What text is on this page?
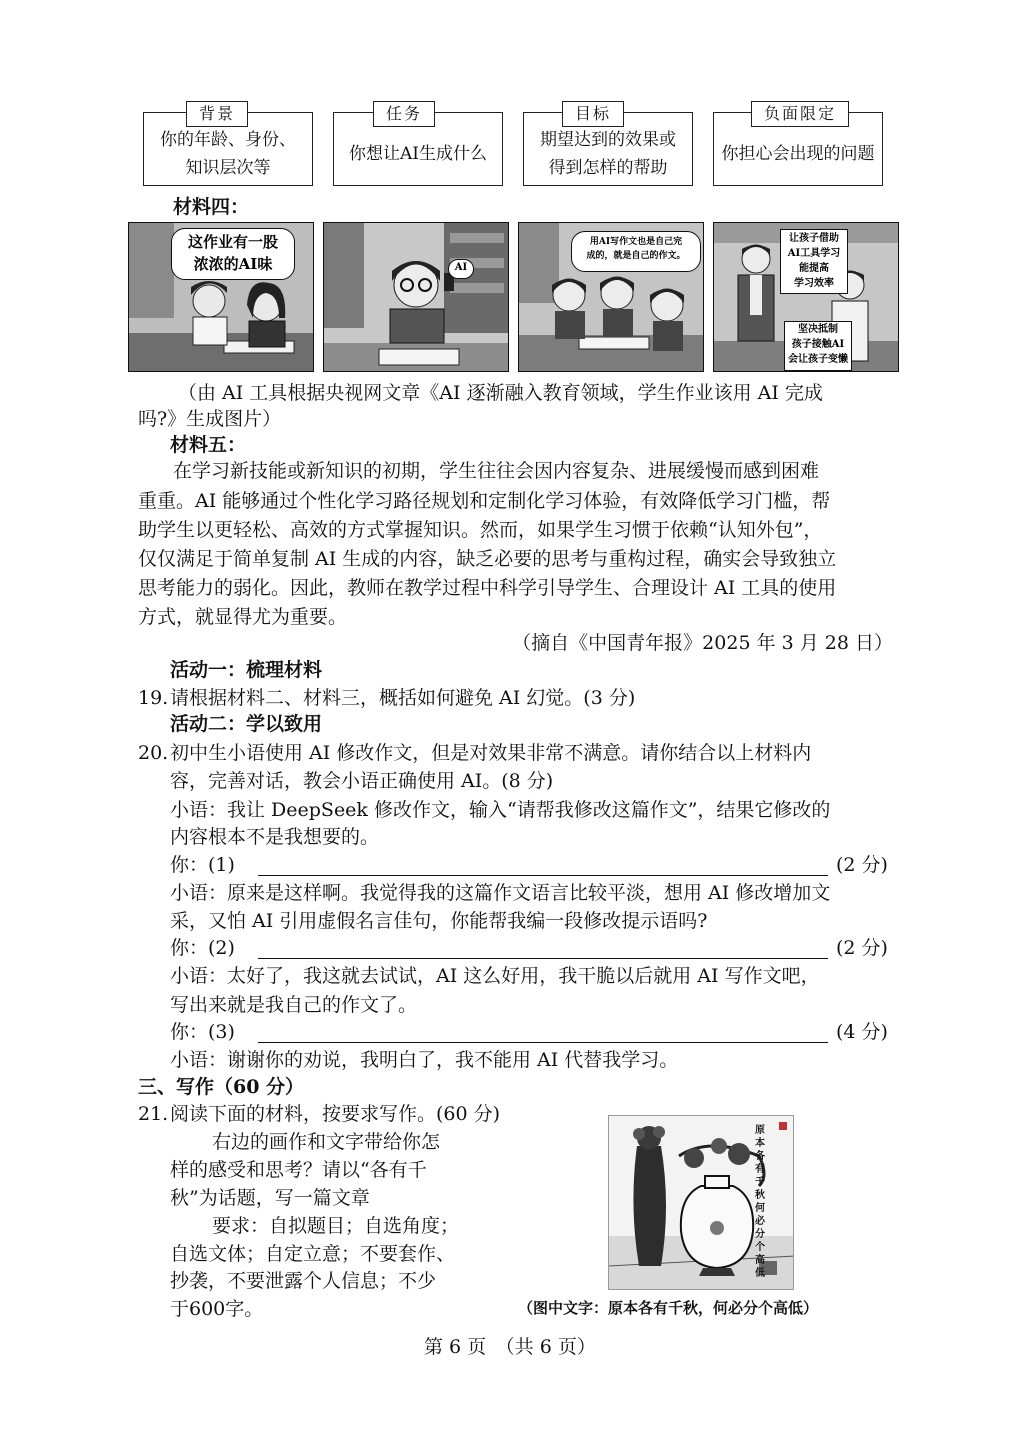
你的年龄、身份、
知识层次等
背景
你想让AI生成什么
任务
期望达到的效果或
得到怎样的帮助
目标
你担心会出现的问题
负面限定
材料四：
这作业有一股
浓浓的AI味	AI
用AI写作文也是自己完
成的，就是自己的作文。
让孩子借助
AI工具学习
能提高
学习效率
坚决抵制
孩子接触AI
会让孩子变懒
（由 AI 工具根据央视网文章《AI 逐渐融入教育领域，学生作业该用 AI 完成
吗?》生成图片）
材料五：
在学习新技能或新知识的初期，学生往往会因内容复杂、进展缓慢而感到困难
重重。AI 能够通过个性化学习路径规划和定制化学习体验，有效降低学习门槛，帮
助学生以更轻松、高效的方式掌握知识。然而，如果学生习惯于依赖“认知外包”，
仅仅满足于简单复制 AI 生成的内容，缺乏必要的思考与重构过程，确实会导致独立
思考能力的弱化。因此，教师在教学过程中科学引导学生、合理设计 AI 工具的使用
方式，就显得尤为重要。
（摘自《中国青年报》2025 年 3 月 28 日）
活动一：梳理材料
19. 请根据材料二、材料三，概括如何避免 AI 幻觉。(3 分)
活动二：学以致用
20. 初中生小语使用 AI 修改作文，但是对效果非常不满意。请你结合以上材料内
容，完善对话，教会小语正确使用 AI。(8 分)
小语：我让 DeepSeek 修改作文，输入“请帮我修改这篇作文”，结果它修改的
内容根本不是我想要的。
你：(1)	(2 分)
小语：原来是这样啊。我觉得我的这篇作文语言比较平淡，想用 AI 修改增加文
采，又怕 AI 引用虚假名言佳句，你能帮我编一段修改提示语吗?
你：(2)	(2 分)
小语：太好了，我这就去试试，AI 这么好用，我干脆以后就用 AI 写作文吧，
写出来就是我自己的作文了。
你：(3)	(4 分)
小语：谢谢你的劝说，我明白了，我不能用 AI 代替我学习。
三、写作（60 分）
21. 阅读下面的材料，按要求写作。(60 分)
右边的画作和文字带给你怎
样的感受和思考？请以“各有千
秋”为话题，写一篇文章
要求：自拟题目；自选角度；
自选文体；自定立意；不要套作、
抄袭，不要泄露个人信息；不少
于600字。
原本各有千秋何必分个高低
（图中文字：原本各有千秋，何必分个高低）
第 6 页　（共 6 页）
